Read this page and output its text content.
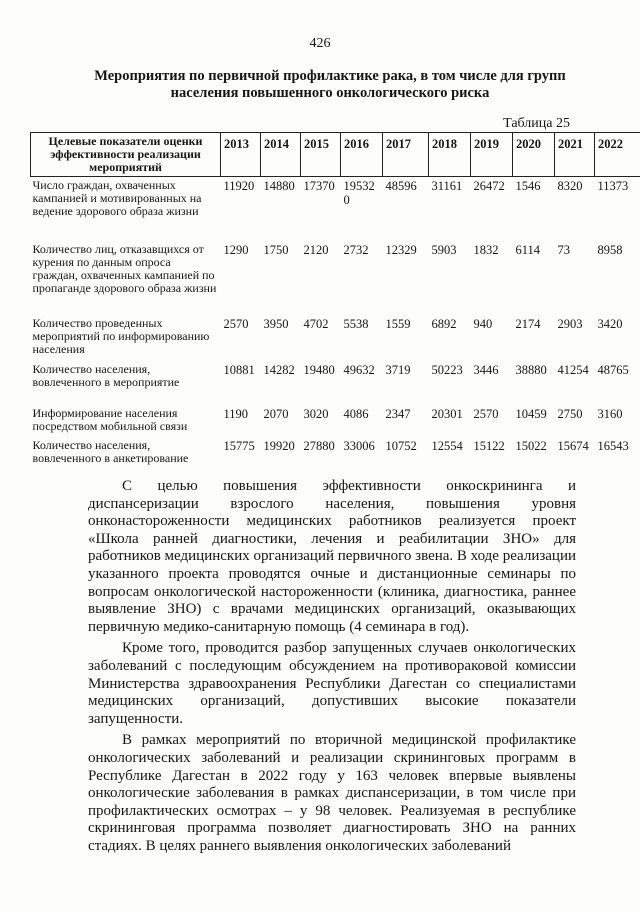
426
Мероприятия по первичной профилактике рака, в том числе для групп населения повышенного онкологического риска
Таблица 25
Целевые показатели оценки эффективности реализации мероприятий	2013	2014	2015	2016	2017	2018	2019	2020	2021	2022
Число граждан, охваченных кампанией и мотивированных на ведение здорового образа жизни	11920	14880	17370	195320	48596	31161	26472	1546	8320	11373
Количество лиц, отказавщихся от курения по данным опроса граждан, охваченных кампанией по пропаганде здорового образа жизни	1290	1750	2120	2732	12329	5903	1832	6114	73	8958
Количество проведенных мероприятий по информированию населения	2570	3950	4702	5538	1559	6892	940	2174	2903	3420
Количество населения, вовлеченного в мероприятие	10881	14282	19480	49632	3719	50223	3446	38880	41254	48765
Информирование населения посредством мобильной связи	1190	2070	3020	4086	2347	20301	2570	10459	2750	3160
Количество населения, вовлеченного в анкетирование	15775	19920	27880	33006	10752	12554	15122	15022	15674	16543

С целью повышения эффективности онкоскрининга и диспансеризации взрослого населения, повышения уровня онконастороженности медицинских работников реализуется проект «Школа ранней диагностики, лечения и реабилитации ЗНО» для работников медицинских организаций первичного звена. В ходе реализации указанного проекта проводятся очные и дистанционные семинары по вопросам онкологической настороженности (клиника, диагностика, раннее выявление ЗНО) с врачами медицинских организаций, оказывающих первичную медико-санитарную помощь (4 семинара в год).

Кроме того, проводится разбор запущенных случаев онкологических заболеваний с последующим обсуждением на противораковой комиссии Министерства здравоохранения Республики Дагестан со специалистами медицинских организаций, допустивших высокие показатели запущенности.

В рамках мероприятий по вторичной медицинской профилактике онкологических заболеваний и реализации скрининговых программ в Республике Дагестан в 2022 году у 163 человек впервые выявлены онкологические заболевания в рамках диспансеризации, в том числе при профилактических осмотрах – у 98 человек. Реализуемая в республике скрининговая программа позволяет диагностировать ЗНО на ранних стадиях. В целях раннего выявления онкологических заболеваний
